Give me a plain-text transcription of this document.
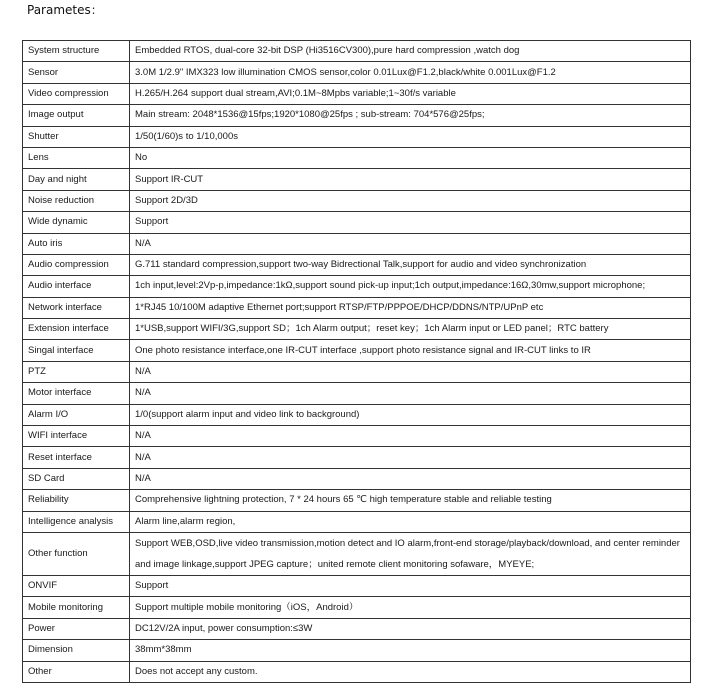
Parametes：
System structure	Embedded RTOS, dual-core 32-bit DSP (Hi3516CV300),pure hard compression ,watch dog
Sensor	3.0M 1/2.9" IMX323 low illumination CMOS sensor,color 0.01Lux@F1.2,black/white 0.001Lux@F1.2
Video compression	H.265/H.264 support dual stream,AVI;0.1M~8Mpbs variable;1~30f/s variable
Image output	Main stream: 2048*1536@15fps;1920*1080@25fps ; sub-stream: 704*576@25fps;
Shutter	1/50(1/60)s to 1/10,000s
Lens	No
Day and night	Support IR-CUT
Noise reduction	Support 2D/3D
Wide dynamic	Support
Auto iris	N/A
Audio compression	G.711 standard compression,support two-way Bidrectional Talk,support for audio and video synchronization
Audio interface	1ch input,level:2Vp-p,impedance:1kΩ,support sound pick-up input;1ch output,impedance:16Ω,30mw,support microphone;
Network interface	1*RJ45 10/100M adaptive Ethernet port;support RTSP/FTP/PPPOE/DHCP/DDNS/NTP/UPnP etc
Extension interface	1*USB,support WIFI/3G,support SD；1ch Alarm output；reset key；1ch Alarm input or LED panel；RTC battery
Singal interface	One photo resistance interface,one IR-CUT interface ,support photo resistance signal and IR-CUT links to IR
PTZ	N/A
Motor interface	N/A
Alarm I/O	1/0(support alarm input and video link to background)
WIFI interface	N/A
Reset interface	N/A
SD Card	N/A
Reliability	Comprehensive lightning protection, 7 * 24 hours 65 ℃ high temperature stable and reliable testing
Intelligence analysis	Alarm line,alarm region,
Other function	Support WEB,OSD,live video transmission,motion detect and IO alarm,front-end storage/playback/download, and center reminder and image linkage,support JPEG capture；united remote client monitoring sofaware，MYEYE;
ONVIF	Support
Mobile monitoring	Support multiple mobile monitoring（iOS，Android）
Power	DC12V/2A input, power consumption:≤3W
Dimension	38mm*38mm
Other	Does not accept any custom.
